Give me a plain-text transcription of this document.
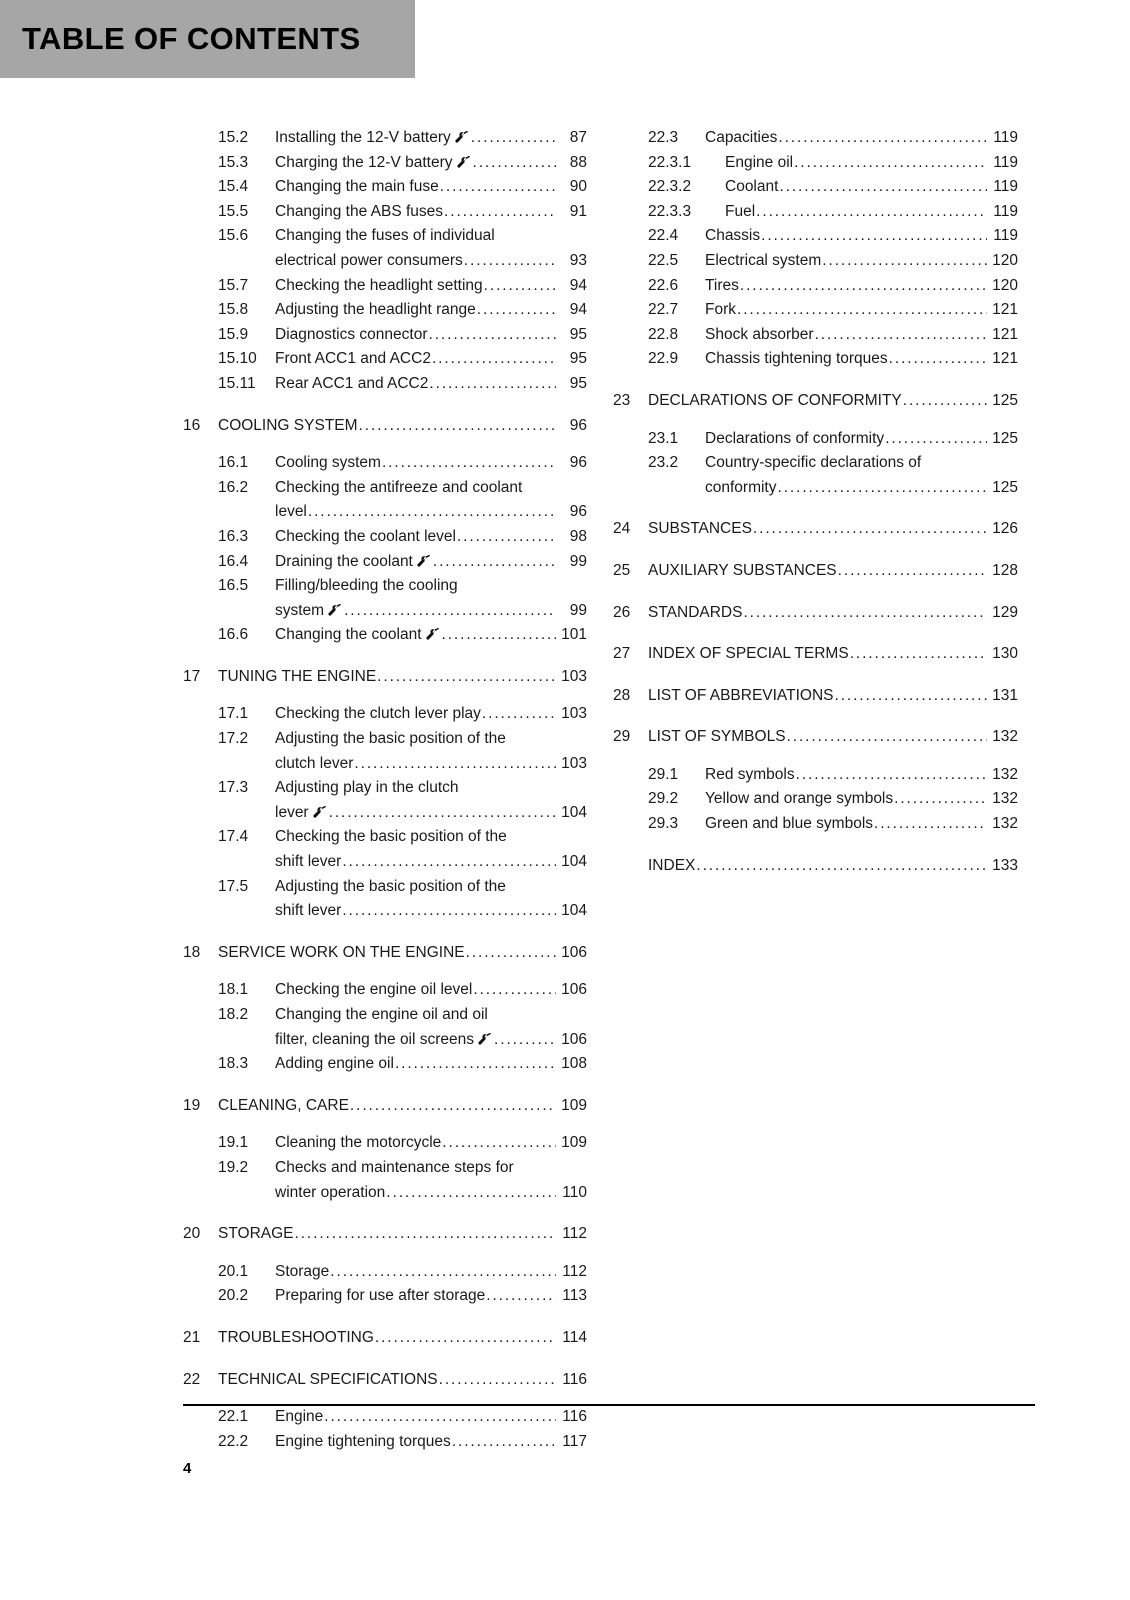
TABLE OF CONTENTS
15.2	Installing the 12-V battery .....	87
15.3	Charging the 12-V battery .....	88
15.4	Changing the main fuse .....	90
15.5	Changing the ABS fuses .....	91
15.6	Changing the fuses of individual
electrical power consumers .....	93
15.7	Checking the headlight setting .....	94
15.8	Adjusting the headlight range .....	94
15.9	Diagnostics connector .....	95
15.10	Front ACC1 and ACC2 .....	95
15.11	Rear ACC1 and ACC2 .....	95
16	COOLING SYSTEM .....	96
16.1	Cooling system .....	96
16.2	Checking the antifreeze and coolant
level .....	96
16.3	Checking the coolant level .....	98
16.4	Draining the coolant .....	99
16.5	Filling/bleeding the cooling
system .....	99
16.6	Changing the coolant .....	101
17	TUNING THE ENGINE .....	103
17.1	Checking the clutch lever play .....	103
17.2	Adjusting the basic position of the
clutch lever .....	103
17.3	Adjusting play in the clutch
lever .....	104
17.4	Checking the basic position of the
shift lever .....	104
17.5	Adjusting the basic position of the
shift lever .....	104
18	SERVICE WORK ON THE ENGINE .....	106
18.1	Checking the engine oil level .....	106
18.2	Changing the engine oil and oil
filter, cleaning the oil screens .....	106
18.3	Adding engine oil .....	108
19	CLEANING, CARE .....	109
19.1	Cleaning the motorcycle .....	109
19.2	Checks and maintenance steps for
winter operation .....	110
20	STORAGE .....	112
20.1	Storage .....	112
20.2	Preparing for use after storage .....	113
21	TROUBLESHOOTING .....	114
22	TECHNICAL SPECIFICATIONS .....	116
22.1	Engine .....	116
22.2	Engine tightening torques .....	117
22.3	Capacities .....	119
22.3.1	Engine oil .....	119
22.3.2	Coolant .....	119
22.3.3	Fuel .....	119
22.4	Chassis .....	119
22.5	Electrical system .....	120
22.6	Tires .....	120
22.7	Fork .....	121
22.8	Shock absorber .....	121
22.9	Chassis tightening torques .....	121
23	DECLARATIONS OF CONFORMITY .....	125
23.1	Declarations of conformity .....	125
23.2	Country-specific declarations of
conformity .....	125
24	SUBSTANCES .....	126
25	AUXILIARY SUBSTANCES .....	128
26	STANDARDS .....	129
27	INDEX OF SPECIAL TERMS .....	130
28	LIST OF ABBREVIATIONS .....	131
29	LIST OF SYMBOLS .....	132
29.1	Red symbols .....	132
29.2	Yellow and orange symbols .....	132
29.3	Green and blue symbols .....	132
INDEX .....	133
4
